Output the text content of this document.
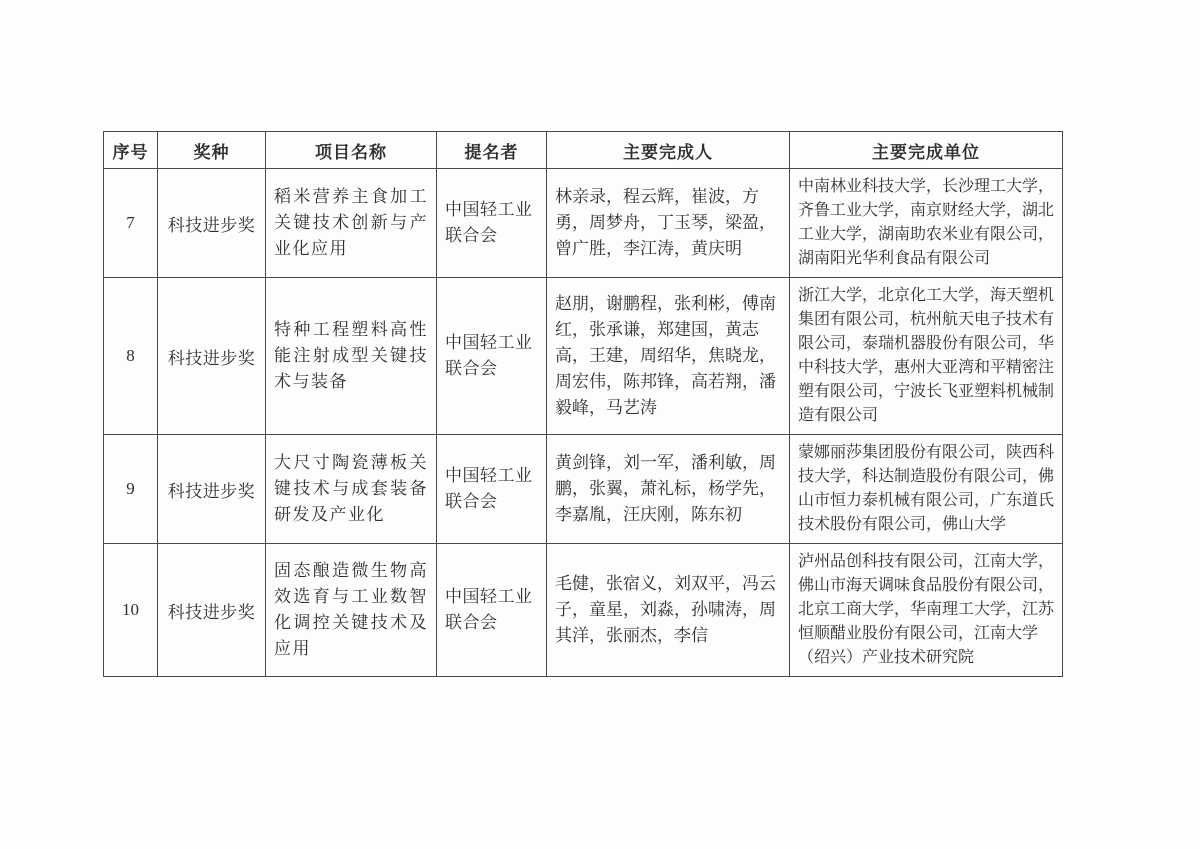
序号	奖种	项目名称	提名者	主要完成人	主要完成单位
7	科技进步奖	稻米营养主食加工关键技术创新与产业化应用	中国轻工业联合会	林亲录，程云辉，崔波，方勇，周梦舟，丁玉琴，梁盈，曾广胜，李江涛，黄庆明	中南林业科技大学，长沙理工大学，齐鲁工业大学，南京财经大学，湖北工业大学，湖南助农米业有限公司，湖南阳光华利食品有限公司
8	科技进步奖	特种工程塑料高性能注射成型关键技术与装备	中国轻工业联合会	赵朋，谢鹏程，张利彬，傅南红，张承谦，郑建国，黄志高，王建，周绍华，焦晓龙，周宏伟，陈邦锋，高若翔，潘毅峰，马艺涛	浙江大学，北京化工大学，海天塑机集团有限公司，杭州航天电子技术有限公司，泰瑞机器股份有限公司，华中科技大学，惠州大亚湾和平精密注塑有限公司，宁波长飞亚塑料机械制造有限公司
9	科技进步奖	大尺寸陶瓷薄板关键技术与成套装备研发及产业化	中国轻工业联合会	黄剑锋，刘一军，潘利敏，周鹏，张翼，萧礼标，杨学先，李嘉胤，汪庆刚，陈东初	蒙娜丽莎集团股份有限公司，陕西科技大学，科达制造股份有限公司，佛山市恒力泰机械有限公司，广东道氏技术股份有限公司，佛山大学
10	科技进步奖	固态酿造微生物高效选育与工业数智化调控关键技术及应用	中国轻工业联合会	毛健，张宿义，刘双平，冯云子，童星，刘淼，孙啸涛，周其洋，张丽杰，李信	泸州品创科技有限公司，江南大学，佛山市海天调味食品股份有限公司，北京工商大学，华南理工大学，江苏恒顺醋业股份有限公司，江南大学（绍兴）产业技术研究院
